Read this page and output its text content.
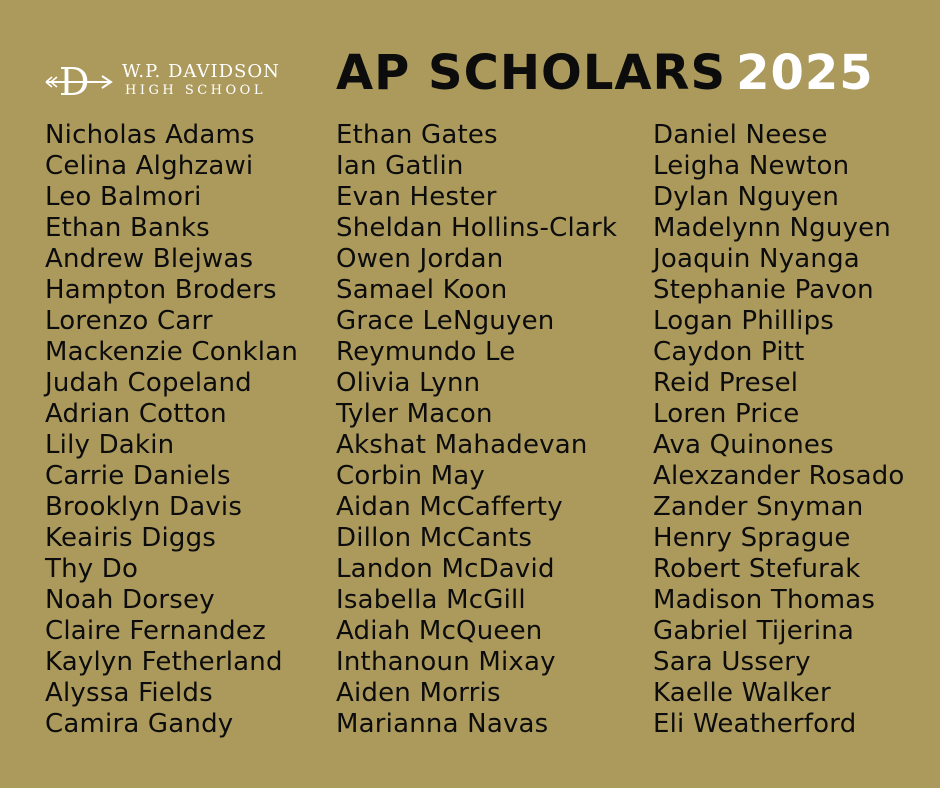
D W.P. DAVIDSON
HIGH SCHOOL AP SCHOLARS 2025
Nicholas Adams
Celina Alghzawi
Leo Balmori
Ethan Banks
Andrew Blejwas
Hampton Broders
Lorenzo Carr
Mackenzie Conklan
Judah Copeland
Adrian Cotton
Lily Dakin
Carrie Daniels
Brooklyn Davis
Keairis Diggs
Thy Do
Noah Dorsey
Claire Fernandez
Kaylyn Fetherland
Alyssa Fields
Camira Gandy
Ethan Gates
Ian Gatlin
Evan Hester
Sheldan Hollins-Clark
Owen Jordan
Samael Koon
Grace LeNguyen
Reymundo Le
Olivia Lynn
Tyler Macon
Akshat Mahadevan
Corbin May
Aidan McCafferty
Dillon McCants
Landon McDavid
Isabella McGill
Adiah McQueen
Inthanoun Mixay
Aiden Morris
Marianna Navas
Daniel Neese
Leigha Newton
Dylan Nguyen
Madelynn Nguyen
Joaquin Nyanga
Stephanie Pavon
Logan Phillips
Caydon Pitt
Reid Presel
Loren Price
Ava Quinones
Alexzander Rosado
Zander Snyman
Henry Sprague
Robert Stefurak
Madison Thomas
Gabriel Tijerina
Sara Ussery
Kaelle Walker
Eli Weatherford
